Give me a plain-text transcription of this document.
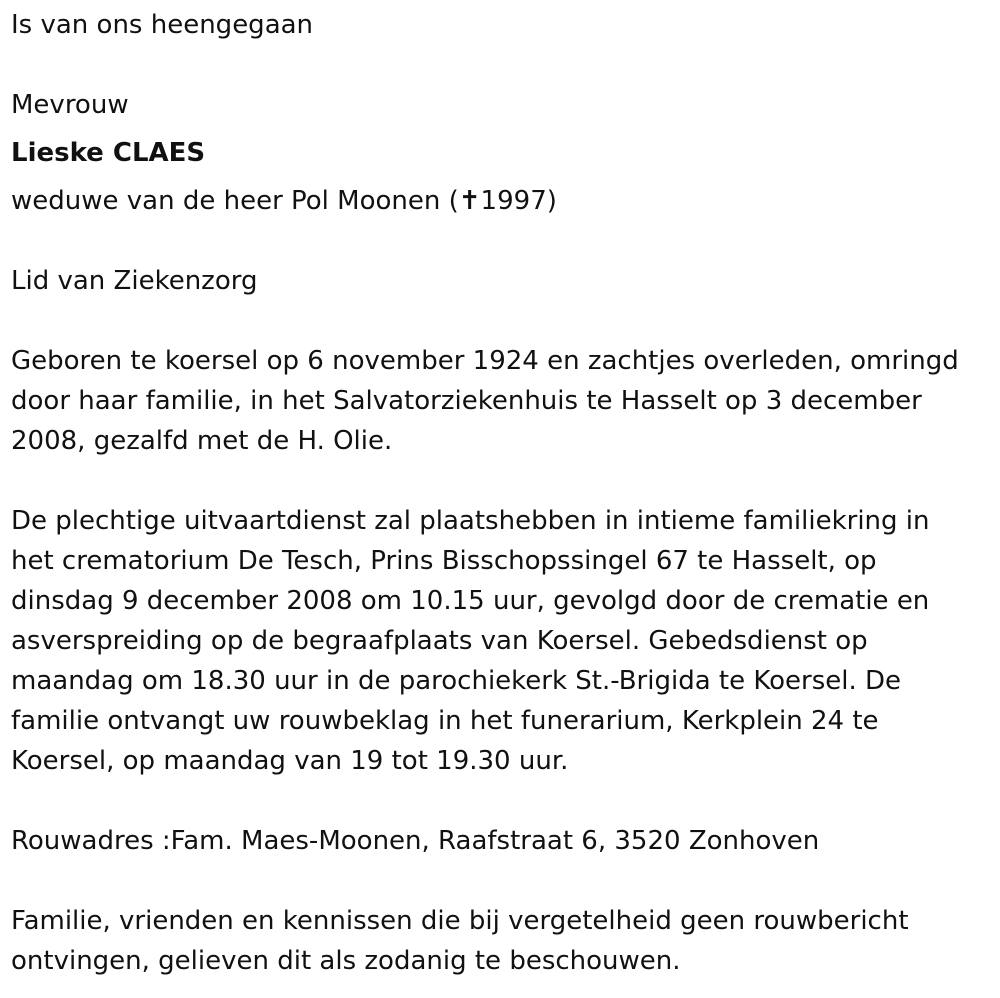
Is van ons heengegaan
Mevrouw
Lieske CLAES
weduwe van de heer Pol Moonen (✝1997)
Lid van Ziekenzorg
Geboren te koersel op 6 november 1924 en zachtjes overleden, omringd
door haar familie, in het Salvatorziekenhuis te Hasselt op 3 december
2008, gezalfd met de H. Olie.
De plechtige uitvaartdienst zal plaatshebben in intieme familiekring in
het crematorium De Tesch, Prins Bisschopssingel 67 te Hasselt, op
dinsdag 9 december 2008 om 10.15 uur, gevolgd door de crematie en
asverspreiding op de begraafplaats van Koersel. Gebedsdienst op
maandag om 18.30 uur in de parochiekerk St.-Brigida te Koersel. De
familie ontvangt uw rouwbeklag in het funerarium, Kerkplein 24 te
Koersel, op maandag van 19 tot 19.30 uur.
Rouwadres :Fam. Maes-Moonen, Raafstraat 6, 3520 Zonhoven
Familie, vrienden en kennissen die bij vergetelheid geen rouwbericht
ontvingen, gelieven dit als zodanig te beschouwen.
